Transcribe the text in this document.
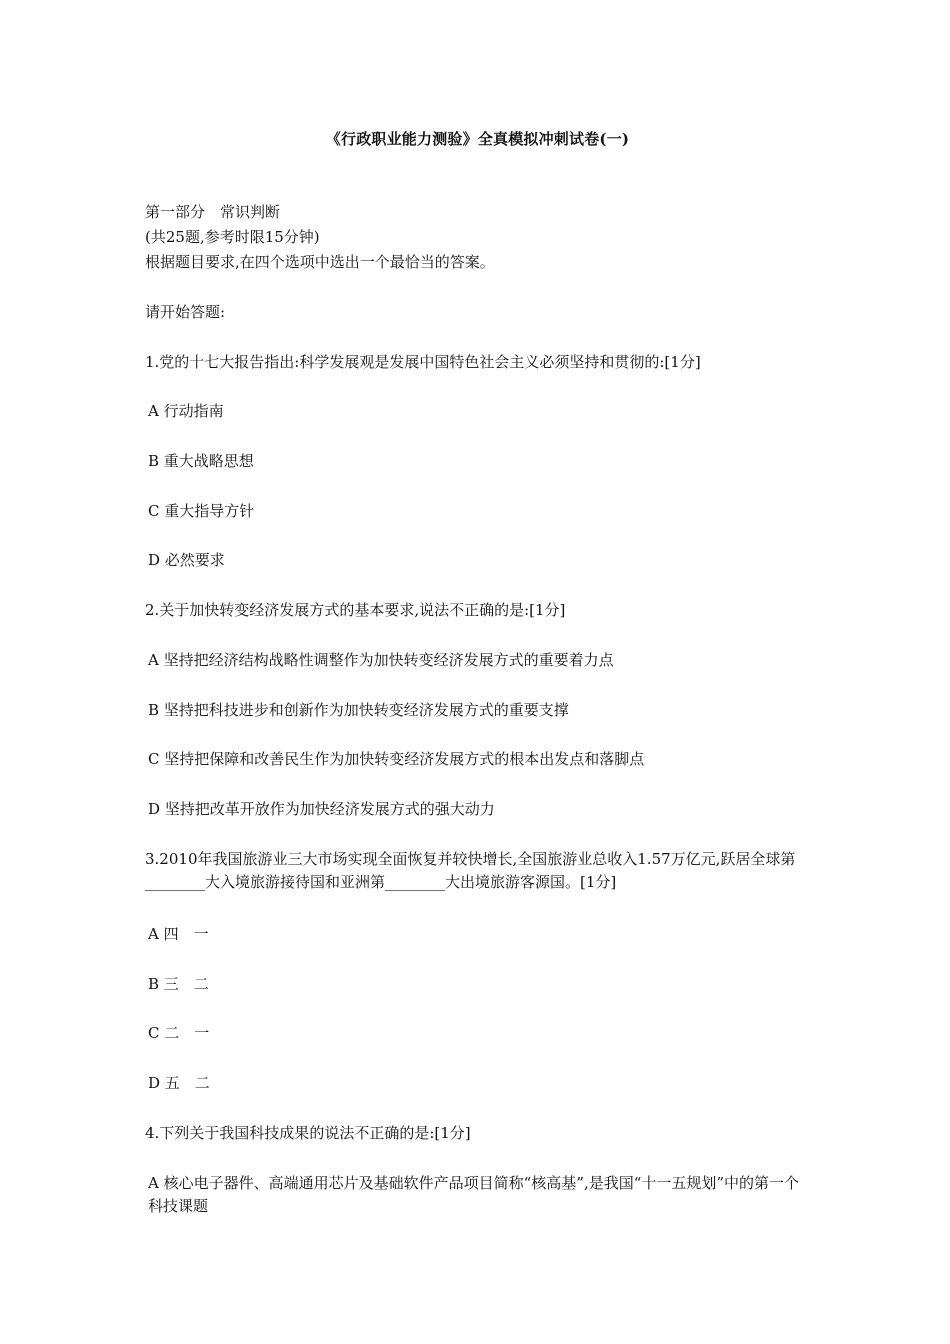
《行政职业能力测验》全真模拟冲刺试卷(一)
第一部分　常识判断
(共25题,参考时限15分钟)
根据题目要求,在四个选项中选出一个最恰当的答案。
请开始答题:
1.党的十七大报告指出:科学发展观是发展中国特色社会主义必须坚持和贯彻的:[1分]
A 行动指南
B 重大战略思想
C 重大指导方针
D 必然要求
2.关于加快转变经济发展方式的基本要求,说法不正确的是:[1分]
A 坚持把经济结构战略性调整作为加快转变经济发展方式的重要着力点
B 坚持把科技进步和创新作为加快转变经济发展方式的重要支撑
C 坚持把保障和改善民生作为加快转变经济发展方式的根本出发点和落脚点
D 坚持把改革开放作为加快经济发展方式的强大动力
3.2010年我国旅游业三大市场实现全面恢复并较快增长,全国旅游业总收入1.57万亿元,跃居全球第________大入境旅游接待国和亚洲第________大出境旅游客源国。[1分]
A 四　一
B 三　二
C 二　一
D 五　二
4.下列关于我国科技成果的说法不正确的是:[1分]
A 核心电子器件、高端通用芯片及基础软件产品项目简称“核高基”,是我国“十一五规划”中的第一个科技课题
